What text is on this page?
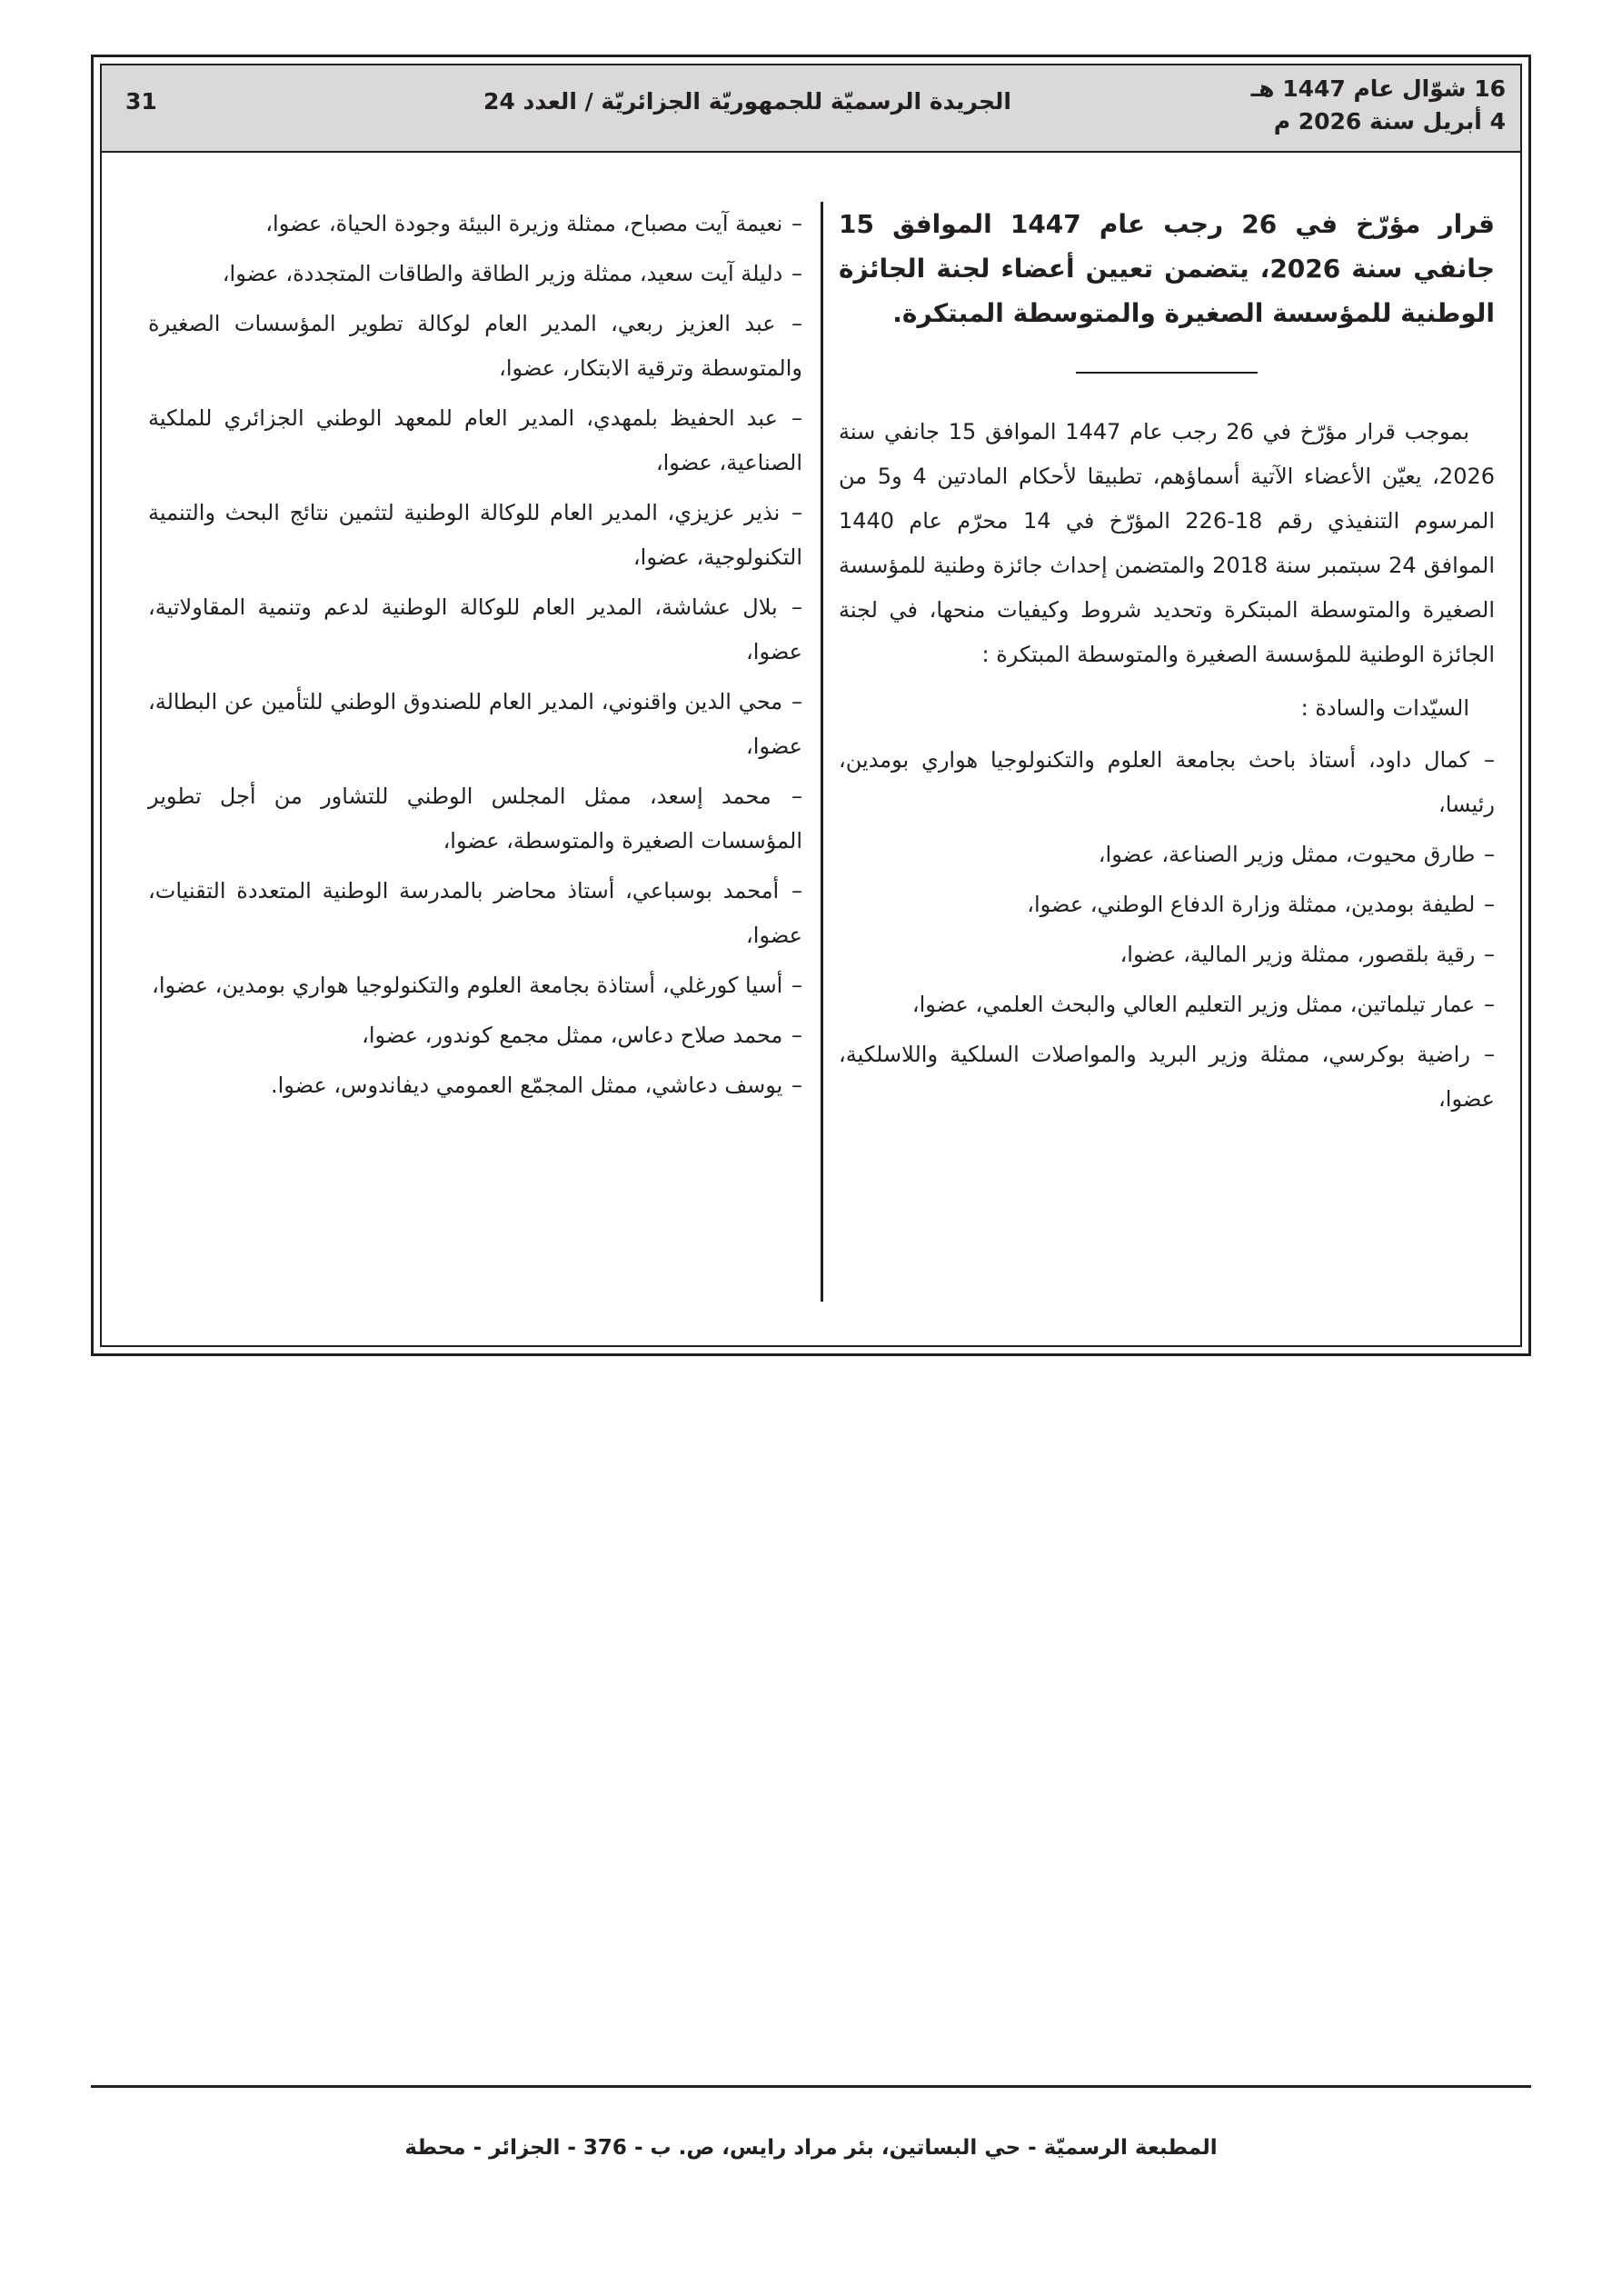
16 شوّال عام 1447 هـ
4 أبريل سنة 2026 م
الجريدة الرسميّة للجمهوريّة الجزائريّة / العدد 24
31

قرار مؤرّخ في 26 رجب عام 1447 الموافق 15 جانفي سنة 2026، يتضمن تعيين أعضاء لجنة الجائزة الوطنية للمؤسسة الصغيرة والمتوسطة المبتكرة.

بموجب قرار مؤرّخ في 26 رجب عام 1447 الموافق 15 جانفي سنة 2026، يعيّن الأعضاء الآتية أسماؤهم، تطبيقا لأحكام المادتين 4 و5 من المرسوم التنفيذي رقم 18-226 المؤرّخ في 14 محرّم عام 1440 الموافق 24 سبتمبر سنة 2018 والمتضمن إحداث جائزة وطنية للمؤسسة الصغيرة والمتوسطة المبتكرة وتحديد شروط وكيفيات منحها، في لجنة الجائزة الوطنية للمؤسسة الصغيرة والمتوسطة المبتكرة :

السيّدات والسادة :

– كمال داود، أستاذ باحث بجامعة العلوم والتكنولوجيا هواري بومدين، رئيسا،

– طارق محيوت، ممثل وزير الصناعة، عضوا،

– لطيفة بومدين، ممثلة وزارة الدفاع الوطني، عضوا،

– رقية بلقصور، ممثلة وزير المالية، عضوا،

– عمار تيلماتين، ممثل وزير التعليم العالي والبحث العلمي، عضوا،

– راضية بوكرسي، ممثلة وزير البريد والمواصلات السلكية واللاسلكية، عضوا،

– نعيمة آيت مصباح، ممثلة وزيرة البيئة وجودة الحياة، عضوا،

– دليلة آيت سعيد، ممثلة وزير الطاقة والطاقات المتجددة، عضوا،

– عبد العزيز ربعي، المدير العام لوكالة تطوير المؤسسات الصغيرة والمتوسطة وترقية الابتكار، عضوا،

– عبد الحفيظ بلمهدي، المدير العام للمعهد الوطني الجزائري للملكية الصناعية، عضوا،

– نذير عزيزي، المدير العام للوكالة الوطنية لتثمين نتائج البحث والتنمية التكنولوجية، عضوا،

– بلال عشاشة، المدير العام للوكالة الوطنية لدعم وتنمية المقاولاتية، عضوا،

– محي الدين واقنوني، المدير العام للصندوق الوطني للتأمين عن البطالة، عضوا،

– محمد إسعد، ممثل المجلس الوطني للتشاور من أجل تطوير المؤسسات الصغيرة والمتوسطة، عضوا،

– أمحمد بوسباعي، أستاذ محاضر بالمدرسة الوطنية المتعددة التقنيات، عضوا،

– أسيا كورغلي، أستاذة بجامعة العلوم والتكنولوجيا هواري بومدين، عضوا،

– محمد صلاح دعاس، ممثل مجمع كوندور، عضوا،

– يوسف دعاشي، ممثل المجمّع العمومي ديفاندوس، عضوا.

المطبعة الرسميّة - حي البساتين، بئر مراد رايس، ص. ب - 376 - الجزائر - محطة
